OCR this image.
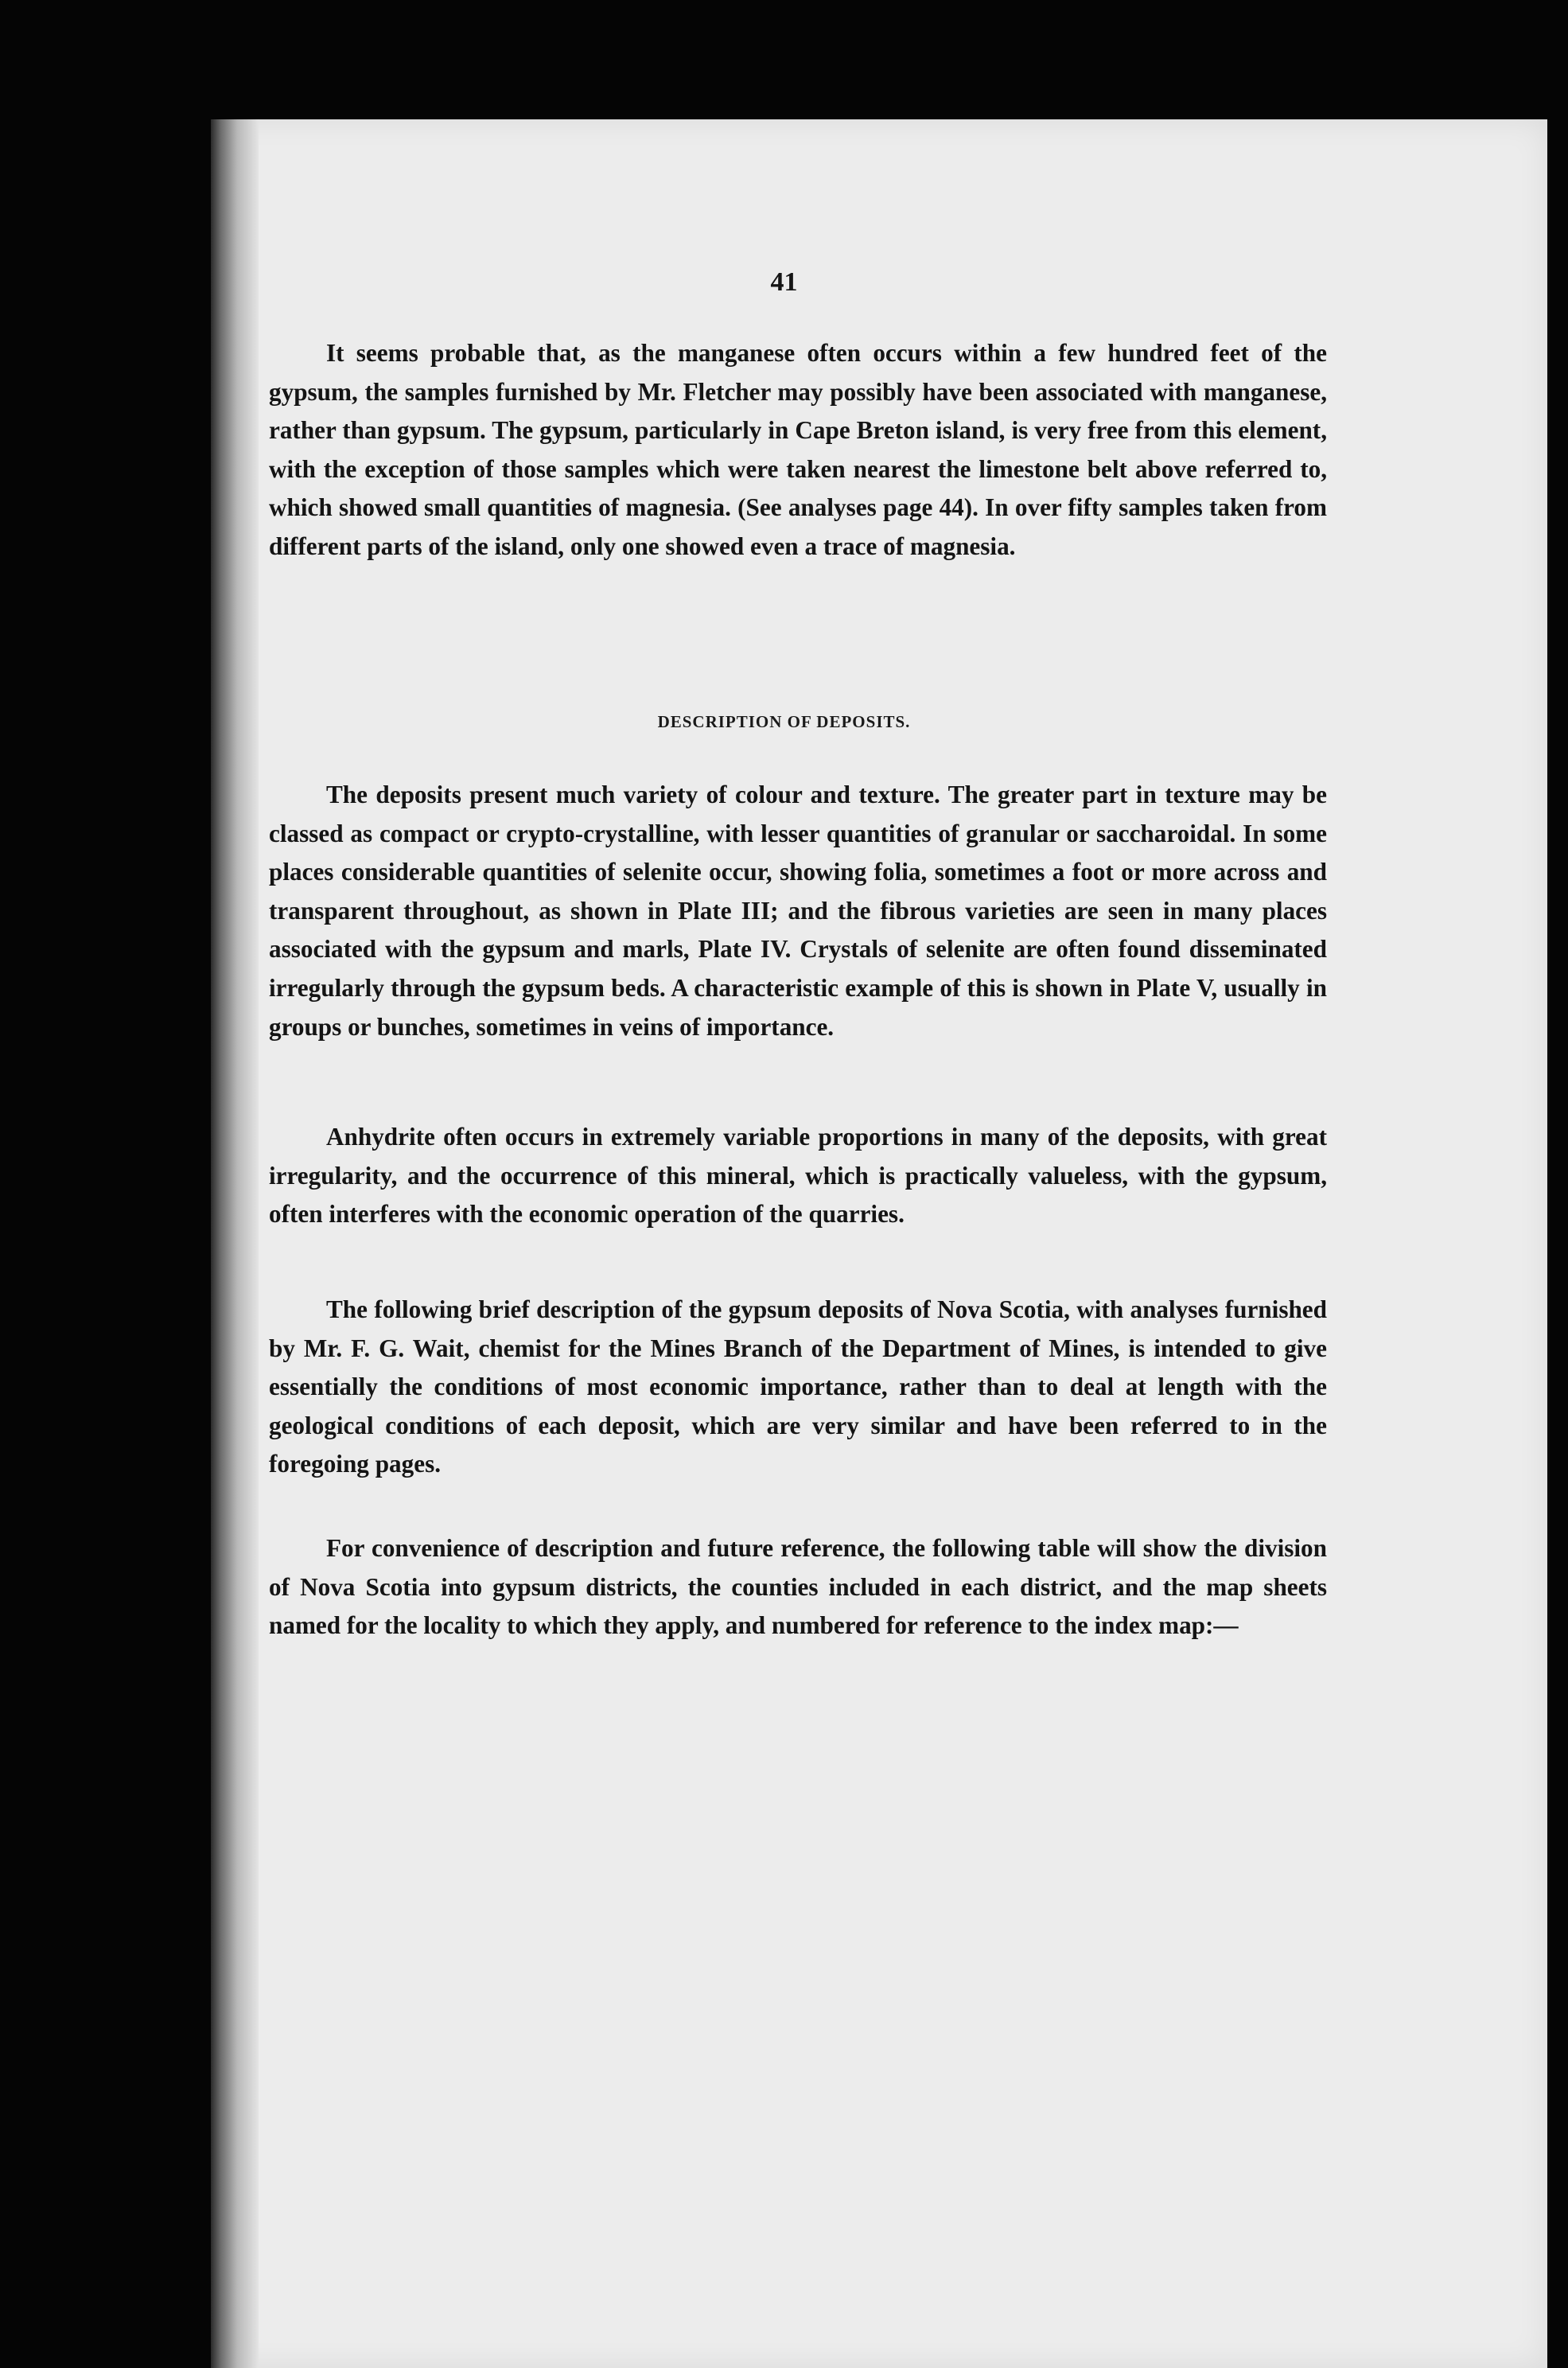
41

It seems probable that, as the manganese often occurs within a few hundred feet of the gypsum, the samples furnished by Mr. Fletcher may possibly have been associated with manganese, rather than gypsum. The gypsum, particularly in Cape Breton island, is very free from this element, with the exception of those samples which were taken nearest the limestone belt above referred to, which showed small quantities of magnesia. (See analyses page 44). In over fifty samples taken from different parts of the island, only one showed even a trace of magnesia.

DESCRIPTION OF DEPOSITS.

The deposits present much variety of colour and texture. The greater part in texture may be classed as compact or crypto-crystalline, with lesser quantities of granular or saccharoidal. In some places considerable quantities of selenite occur, showing folia, sometimes a foot or more across and transparent throughout, as shown in Plate III; and the fibrous varieties are seen in many places associated with the gypsum and marls, Plate IV. Crystals of selenite are often found disseminated irregularly through the gypsum beds. A characteristic example of this is shown in Plate V, usually in groups or bunches, sometimes in veins of importance.

Anhydrite often occurs in extremely variable proportions in many of the deposits, with great irregularity, and the occurrence of this mineral, which is practically valueless, with the gypsum, often interferes with the economic operation of the quarries.

The following brief description of the gypsum deposits of Nova Scotia, with analyses furnished by Mr. F. G. Wait, chemist for the Mines Branch of the Department of Mines, is intended to give essentially the conditions of most economic importance, rather than to deal at length with the geological conditions of each deposit, which are very similar and have been referred to in the foregoing pages.

For convenience of description and future reference, the following table will show the division of Nova Scotia into gypsum districts, the counties included in each district, and the map sheets named for the locality to which they apply, and numbered for reference to the index map:—
